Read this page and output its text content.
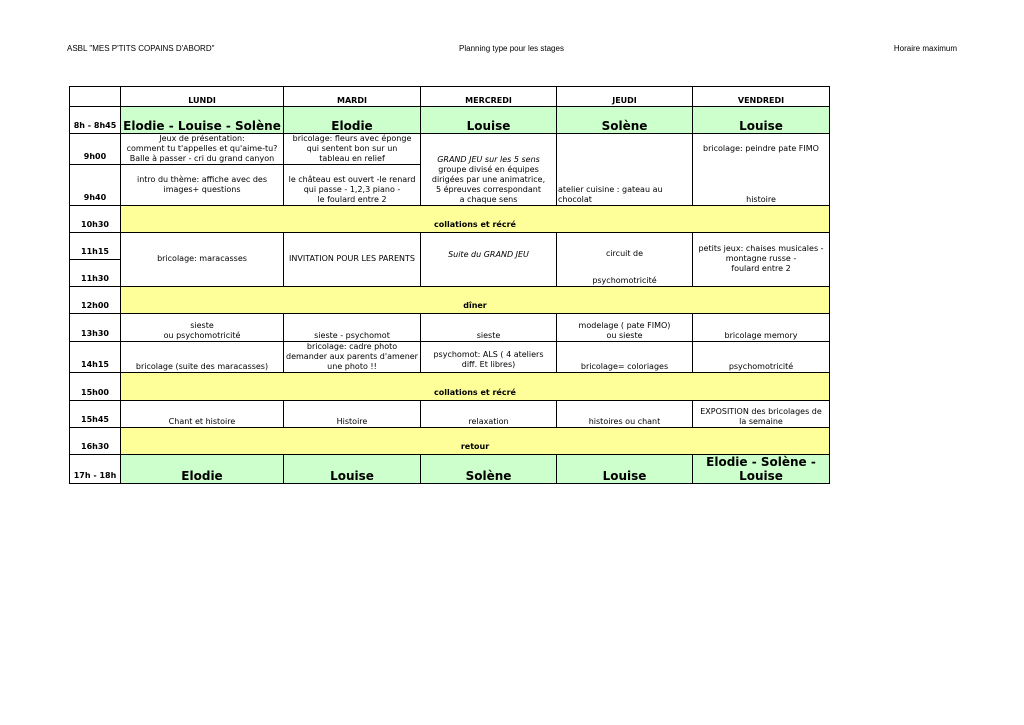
ASBL "MES P'TITS COPAINS D'ABORD"	Planning type pour les stages	Horaire maximum
	LUNDI	MARDI	MERCREDI	JEUDI	VENDREDI
8h - 8h45	Elodie - Louise - Solène	Elodie	Louise	Solène	Louise
9h00	Jeux de présentation:
comment tu t'appelles et qu'aime-tu?
Balle à passer - cri du grand canyon	bricolage: fleurs avec éponge
qui sentent bon sur un
tableau en relief	GRAND JEU sur les 5 sens		bricolage: peindre pate FIMO
9h40	intro du thème: affiche avec des
images+ questions	le château est ouvert -le renard
qui passe - 1,2,3 piano -
le foulard entre 2	groupe divisé en équipes
dirigées par une animatrice,
5 épreuves correspondant
a chaque sens	atelier cuisine : gateau au
chocolat	histoire
10h30	collations et récré				
11h15	bricolage: maracasses	INVITATION POUR LES PARENTS	Suite du GRAND JEU	circuit de	petits jeux: chaises musicales -
montagne russe -
foulard entre 2
11h30				psychomotricité	
12h00	dîner				
13h30	sieste
ou psychomotricité	sieste - psychomot	sieste	modelage ( pate FIMO)
ou sieste	bricolage memory
14h15	bricolage (suite des maracasses)	bricolage: cadre photo
demander aux parents d'amener
une photo !!	psychomot: ALS ( 4 ateliers
diff. Et libres)	bricolage= coloriages	psychomotricité
15h00	collations et récré				
15h45	Chant et histoire	Histoire	relaxation	histoires ou chant	EXPOSITION des bricolages de
la semaine
16h30	retour				
17h - 18h	Elodie	Louise	Solène	Louise	Elodie - Solène -
Louise
